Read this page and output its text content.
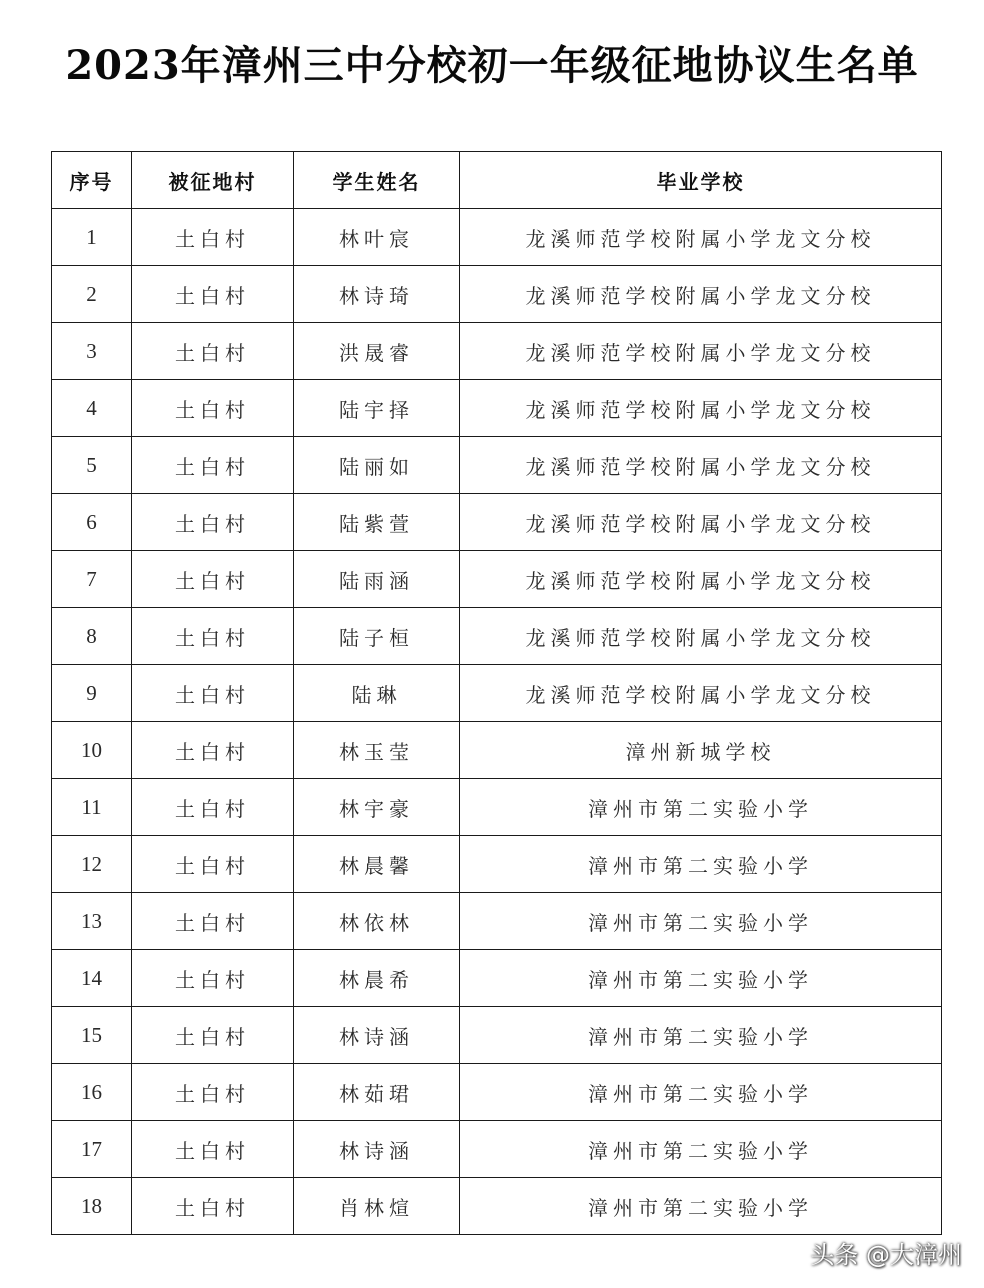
2023年漳州三中分校初一年级征地协议生名单
序号	被征地村	学生姓名	毕业学校
1	土白村	林叶宸	龙溪师范学校附属小学龙文分校
2	土白村	林诗琦	龙溪师范学校附属小学龙文分校
3	土白村	洪晟睿	龙溪师范学校附属小学龙文分校
4	土白村	陆宇择	龙溪师范学校附属小学龙文分校
5	土白村	陆丽如	龙溪师范学校附属小学龙文分校
6	土白村	陆紫萱	龙溪师范学校附属小学龙文分校
7	土白村	陆雨涵	龙溪师范学校附属小学龙文分校
8	土白村	陆子桓	龙溪师范学校附属小学龙文分校
9	土白村	陆琳	龙溪师范学校附属小学龙文分校
10	土白村	林玉莹	漳州新城学校
11	土白村	林宇豪	漳州市第二实验小学
12	土白村	林晨馨	漳州市第二实验小学
13	土白村	林依林	漳州市第二实验小学
14	土白村	林晨希	漳州市第二实验小学
15	土白村	林诗涵	漳州市第二实验小学
16	土白村	林茹珺	漳州市第二实验小学
17	土白村	林诗涵	漳州市第二实验小学
18	土白村	肖林煊	漳州市第二实验小学
头条 @大漳州
